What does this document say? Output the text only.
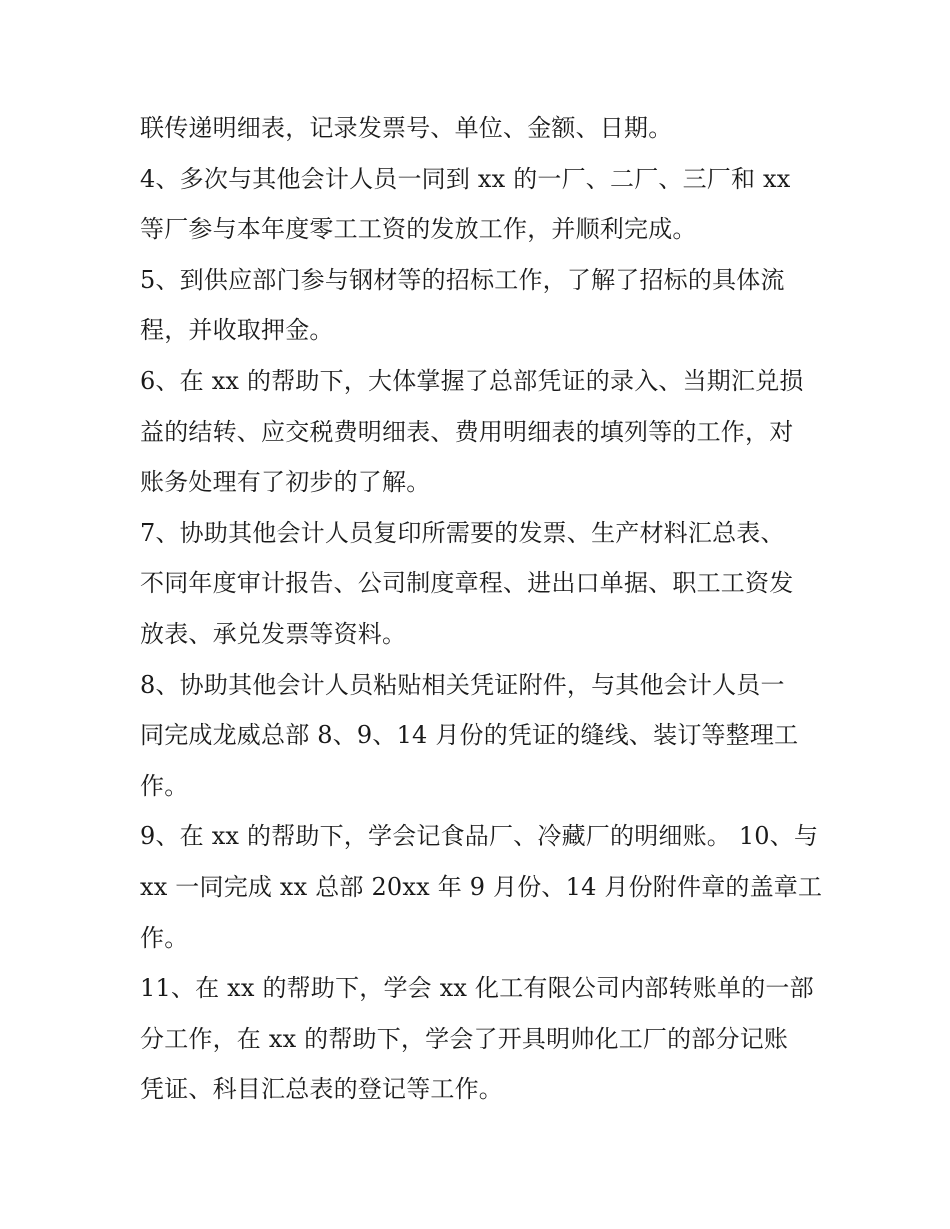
联传递明细表，记录发票号、单位、金额、日期。
4、多次与其他会计人员一同到 xx 的一厂、二厂、三厂和 xx
等厂参与本年度零工工资的发放工作，并顺利完成。
5、到供应部门参与钢材等的招标工作，了解了招标的具体流
程，并收取押金。
6、在 xx 的帮助下，大体掌握了总部凭证的录入、当期汇兑损
益的结转、应交税费明细表、费用明细表的填列等的工作，对
账务处理有了初步的了解。
7、协助其他会计人员复印所需要的发票、生产材料汇总表、
不同年度审计报告、公司制度章程、进出口单据、职工工资发
放表、承兑发票等资料。
8、协助其他会计人员粘贴相关凭证附件，与其他会计人员一
同完成龙威总部 8、9、14 月份的凭证的缝线、装订等整理工
作。
9、在 xx 的帮助下，学会记食品厂、冷藏厂的明细账。 10、与
xx 一同完成 xx 总部 20xx 年 9 月份、14 月份附件章的盖章工
作。
11、在 xx 的帮助下，学会 xx 化工有限公司内部转账单的一部
分工作，在 xx 的帮助下，学会了开具明帅化工厂的部分记账
凭证、科目汇总表的登记等工作。
